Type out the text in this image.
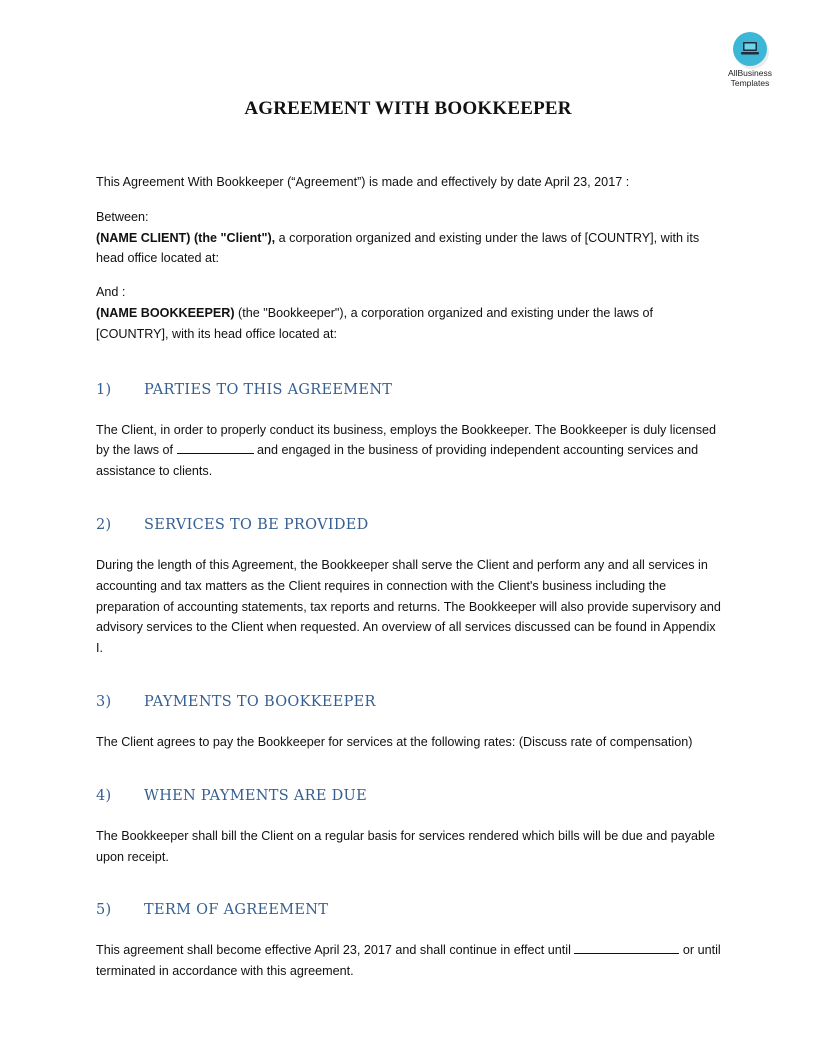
AllBusiness
Templates
AGREEMENT WITH BOOKKEEPER

This Agreement With Bookkeeper (“Agreement”) is made and effectively by date April 23, 2017 :

Between:

(NAME CLIENT) (the "Client"), a corporation organized and existing under the laws of [COUNTRY], with its head office located at:

And :

(NAME BOOKKEEPER) (the "Bookkeeper"), a corporation organized and existing under the laws of [COUNTRY], with its head office located at:

1) PARTIES TO THIS AGREEMENT

The Client, in order to properly conduct its business, employs the Bookkeeper. The Bookkeeper is duly licensed by the laws of	and engaged in the business of providing independent accounting services and assistance to clients.

2) SERVICES TO BE PROVIDED

During the length of this Agreement, the Bookkeeper shall serve the Client and perform any and all services in accounting and tax matters as the Client requires in connection with the Client's business including the preparation of accounting statements, tax reports and returns. The Bookkeeper will also provide supervisory and advisory services to the Client when requested. An overview of all services discussed can be found in Appendix I.

3) PAYMENTS TO BOOKKEEPER

The Client agrees to pay the Bookkeeper for services at the following rates: (Discuss rate of compensation)

4) WHEN PAYMENTS ARE DUE

The Bookkeeper shall bill the Client on a regular basis for services rendered which bills will be due and payable upon receipt.

5) TERM OF AGREEMENT

This agreement shall become effective April 23, 2017 and shall continue in effect until	or until terminated in accordance with this agreement.
